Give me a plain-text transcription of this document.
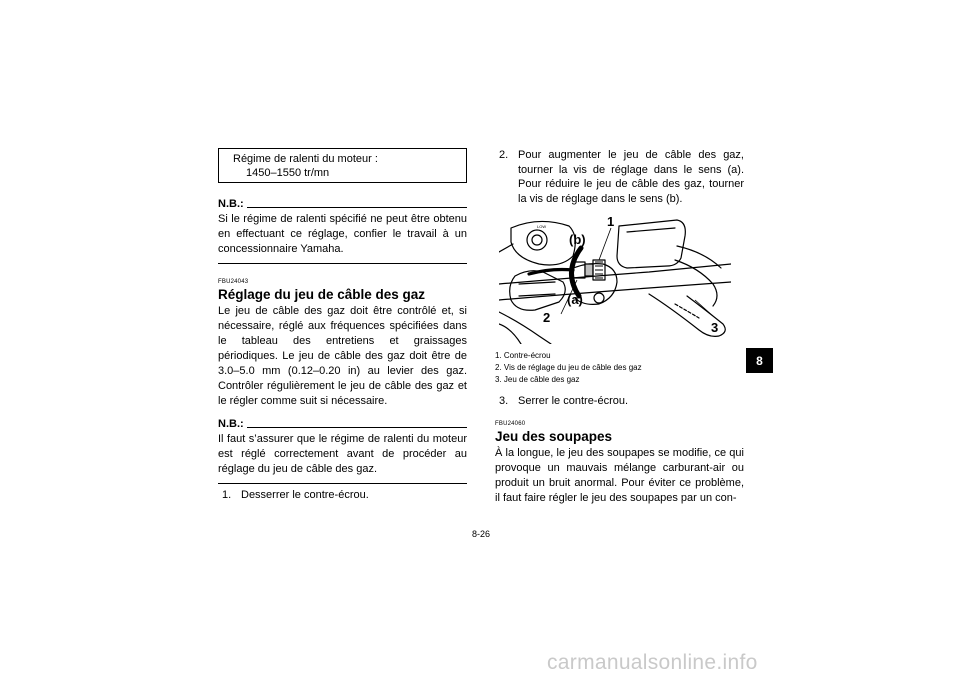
Régime de ralenti du moteur :
1450–1550 tr/mn
N.B.:
Si le régime de ralenti spécifié ne peut être obtenu en effectuant ce réglage, confier le travail à un concessionnaire Yamaha.
FBU24043
Réglage du jeu de câble des gaz
Le jeu de câble des gaz doit être contrôlé et, si nécessaire, réglé aux fréquences spécifiées dans le tableau des entretiens et graissages périodiques. Le jeu de câble des gaz doit être de 3.0–5.0 mm (0.12–0.20 in) au levier des gaz. Contrôler régulièrement le jeu de câble des gaz et le régler comme suit si nécessaire.
N.B.:
Il faut s’assurer que le régime de ralenti du moteur est réglé correctement avant de procéder au réglage du jeu de câble des gaz.
1. Desserrer le contre-écrou.
2. Pour augmenter le jeu de câble des gaz, tourner la vis de réglage dans le sens (a). Pour réduire le jeu de câble des gaz, tourner la vis de réglage dans le sens (b).
LOW	1
(b)
(a)
2
3
1. Contre-écrou
2. Vis de réglage du jeu de câble des gaz
3. Jeu de câble des gaz
3. Serrer le contre-écrou.
FBU24060
Jeu des soupapes
À la longue, le jeu des soupapes se modifie, ce qui provoque un mauvais mélange carburant-air ou produit un bruit anormal. Pour éviter ce problème, il faut faire régler le jeu des soupapes par un con-
8
8-26
carmanualsonline.info
